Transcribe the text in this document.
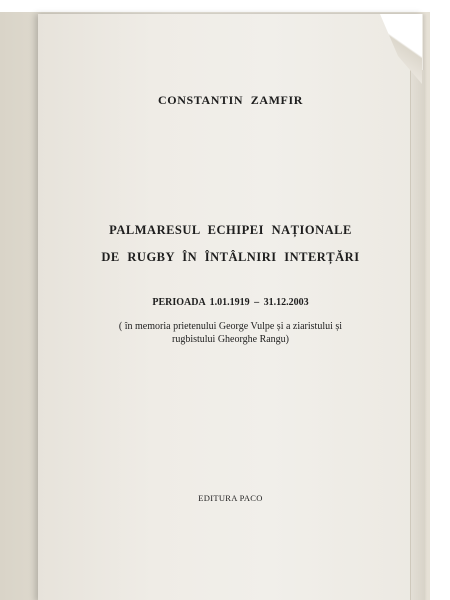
CONSTANTIN ZAMFIR
PALMARESUL ECHIPEI NAȚIONALE
DE RUGBY ÎN ÎNTÂLNIRI INTERȚĂRI
PERIOADA 1.01.1919 – 31.12.2003
( în memoria prietenului George Vulpe și a ziaristului și
rugbistului Gheorghe Rangu)
EDITURA PACO
